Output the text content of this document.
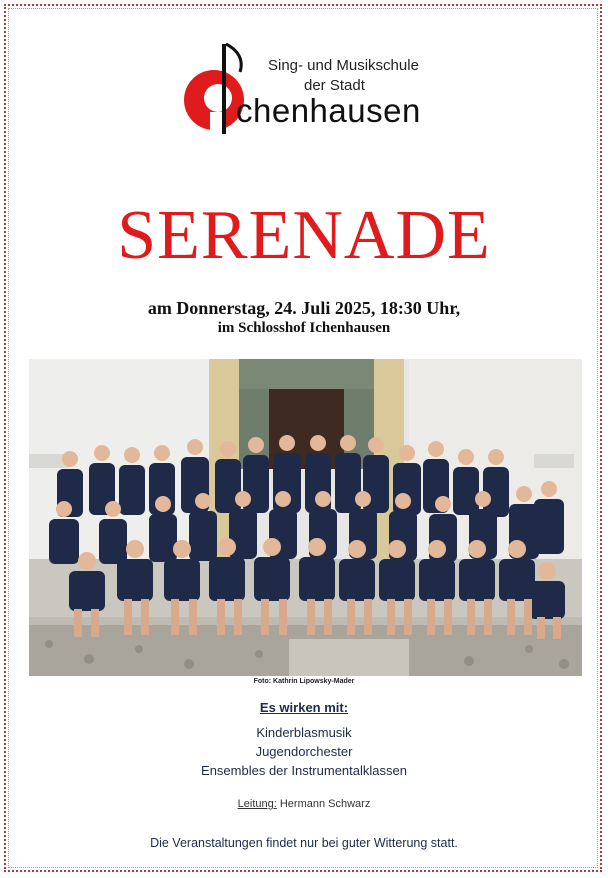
Sing- und Musikschule
der Stadt
chenhausen
SERENADE
am Donnerstag, 24. Juli 2025, 18:30 Uhr,
im Schlosshof Ichenhausen
Foto: Kathrin Lipowsky-Mader
Es wirken mit:
Kinderblasmusik
Jugendorchester
Ensembles der Instrumentalklassen
Leitung: Hermann Schwarz
Die Veranstaltungen findet nur bei guter Witterung statt.
